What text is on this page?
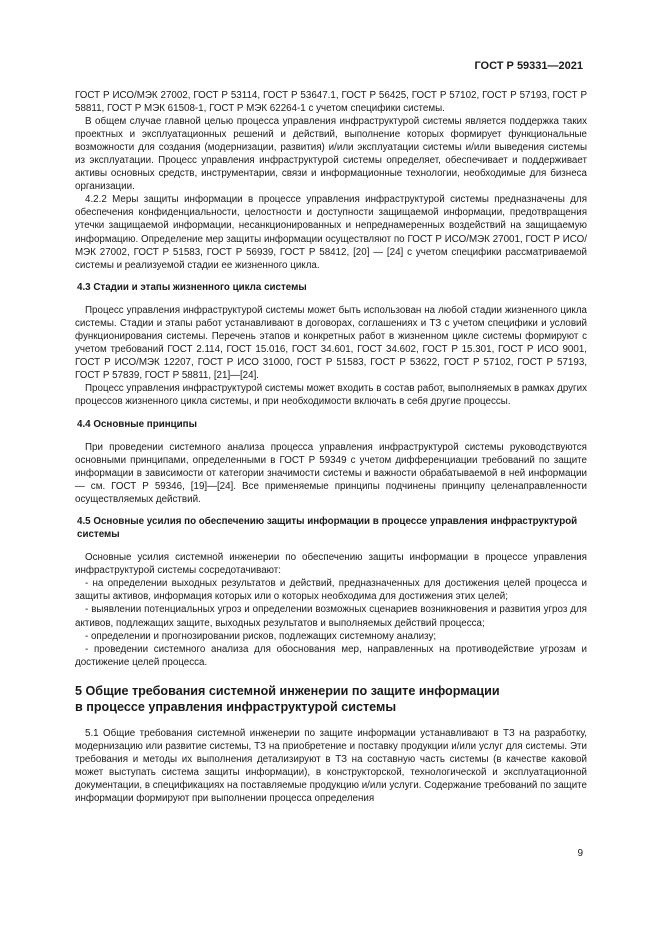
ГОСТ Р 59331—2021

ГОСТ Р ИСО/МЭК 27002, ГОСТ Р 53114, ГОСТ Р 53647.1, ГОСТ Р 56425, ГОСТ Р 57102, ГОСТ Р 57193, ГОСТ Р 58811, ГОСТ Р МЭК 61508-1, ГОСТ Р МЭК 62264-1 с учетом специфики системы.

В общем случае главной целью процесса управления инфраструктурой системы является поддержка таких проектных и эксплуатационных решений и действий, выполнение которых формирует функциональные возможности для создания (модернизации, развития) и/или эксплуатации системы и/или выведения системы из эксплуатации. Процесс управления инфраструктурой системы определяет, обеспечивает и поддерживает активы основных средств, инструментарии, связи и информационные технологии, необходимые для бизнеса организации.

4.2.2 Меры защиты информации в процессе управления инфраструктурой системы предназначены для обеспечения конфиденциальности, целостности и доступности защищаемой информации, предотвращения утечки защищаемой информации, несанкционированных и непреднамеренных воздействий на защищаемую информацию. Определение мер защиты информации осуществляют по ГОСТ Р ИСО/МЭК 27001, ГОСТ Р ИСО/МЭК 27002, ГОСТ Р 51583, ГОСТ Р 56939, ГОСТ Р 58412, [20] — [24] с учетом специфики рассматриваемой системы и реализуемой стадии ее жизненного цикла.

4.3 Стадии и этапы жизненного цикла системы

Процесс управления инфраструктурой системы может быть использован на любой стадии жизненного цикла системы. Стадии и этапы работ устанавливают в договорах, соглашениях и ТЗ с учетом специфики и условий функционирования системы. Перечень этапов и конкретных работ в жизненном цикле системы формируют с учетом требований ГОСТ 2.114, ГОСТ 15.016, ГОСТ 34.601, ГОСТ 34.602, ГОСТ Р 15.301, ГОСТ Р ИСО 9001, ГОСТ Р ИСО/МЭК 12207, ГОСТ Р ИСО 31000, ГОСТ Р 51583, ГОСТ Р 53622, ГОСТ Р 57102, ГОСТ Р 57193, ГОСТ Р 57839, ГОСТ Р 58811, [21]—[24].

Процесс управления инфраструктурой системы может входить в состав работ, выполняемых в рамках других процессов жизненного цикла системы, и при необходимости включать в себя другие процессы.

4.4 Основные принципы

При проведении системного анализа процесса управления инфраструктурой системы руководствуются основными принципами, определенными в ГОСТ Р 59349 с учетом дифференциации требований по защите информации в зависимости от категории значимости системы и важности обрабатываемой в ней информации — см. ГОСТ Р 59346, [19]—[24]. Все применяемые принципы подчинены принципу целенаправленности осуществляемых действий.

4.5 Основные усилия по обеспечению защиты информации в процессе управления инфраструктурой системы

Основные усилия системной инженерии по обеспечению защиты информации в процессе управления инфраструктурой системы сосредотачивают:

- на определении выходных результатов и действий, предназначенных для достижения целей процесса и защиты активов, информация которых или о которых необходима для достижения этих целей;

- выявлении потенциальных угроз и определении возможных сценариев возникновения и развития угроз для активов, подлежащих защите, выходных результатов и выполняемых действий процесса;

- определении и прогнозировании рисков, подлежащих системному анализу;

- проведении системного анализа для обоснования мер, направленных на противодействие угрозам и достижение целей процесса.

5 Общие требования системной инженерии по защите информации
в процессе управления инфраструктурой системы

5.1 Общие требования системной инженерии по защите информации устанавливают в ТЗ на разработку, модернизацию или развитие системы, ТЗ на приобретение и поставку продукции и/или услуг для системы. Эти требования и методы их выполнения детализируют в ТЗ на составную часть системы (в качестве каковой может выступать система защиты информации), в конструкторской, технологической и эксплуатационной документации, в спецификациях на поставляемые продукцию и/или услуги. Содержание требований по защите информации формируют при выполнении процесса определения

9
